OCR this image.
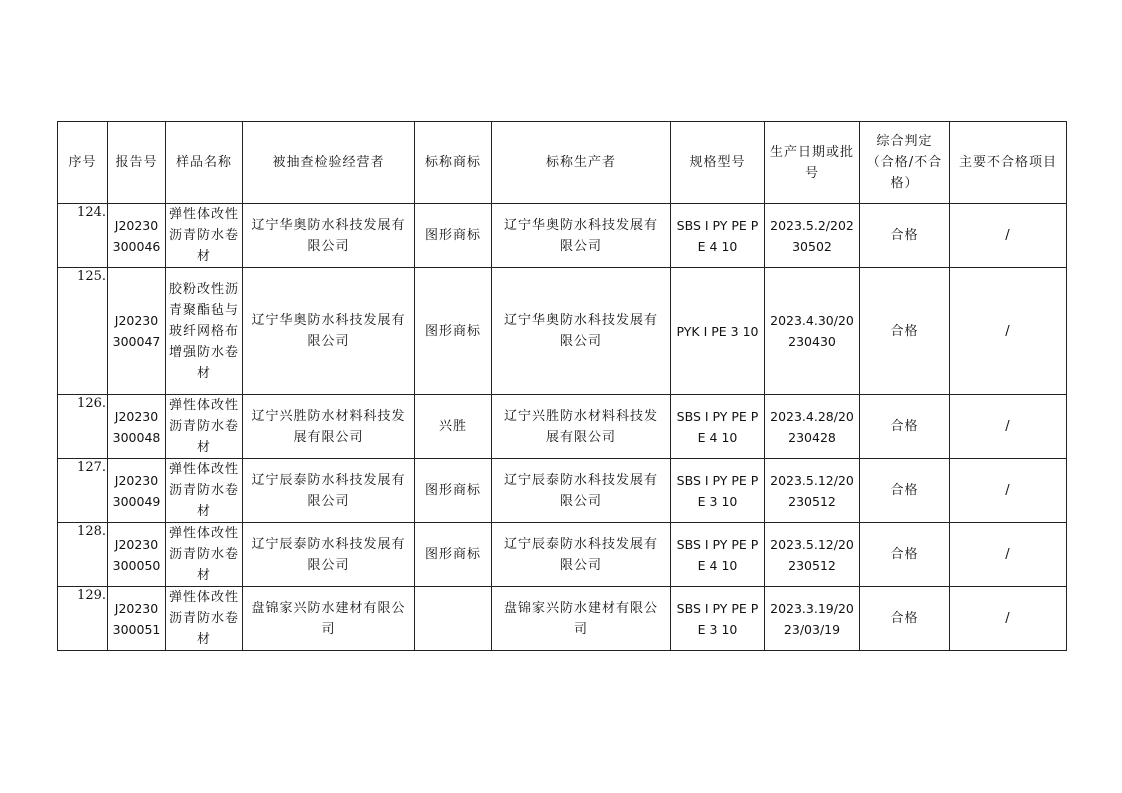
序号	报告号	样品名称	被抽查检验经营者	标称商标	标称生产者	规格型号	生产日期或批号	综合判定（合格/不合格）	主要不合格项目
124.	J20230300046	弹性体改性沥青防水卷材	辽宁华奥防水科技发展有限公司	图形商标	辽宁华奥防水科技发展有限公司	SBS Ⅰ PY PE PE 4 10	2023.5.2/20230502	合格	/
125.	J20230300047	胶粉改性沥青聚酯毡与玻纤网格布增强防水卷材	辽宁华奥防水科技发展有限公司	图形商标	辽宁华奥防水科技发展有限公司	PYK Ⅰ PE 3 10	2023.4.30/20230430	合格	/
126.	J20230300048	弹性体改性沥青防水卷材	辽宁兴胜防水材料科技发展有限公司	兴胜	辽宁兴胜防水材料科技发展有限公司	SBS Ⅰ PY PE PE 4 10	2023.4.28/20230428	合格	/
127.	J20230300049	弹性体改性沥青防水卷材	辽宁辰泰防水科技发展有限公司	图形商标	辽宁辰泰防水科技发展有限公司	SBS Ⅰ PY PE PE 3 10	2023.5.12/20230512	合格	/
128.	J20230300050	弹性体改性沥青防水卷材	辽宁辰泰防水科技发展有限公司	图形商标	辽宁辰泰防水科技发展有限公司	SBS Ⅰ PY PE PE 4 10	2023.5.12/20230512	合格	/
129.	J20230300051	弹性体改性沥青防水卷材	盘锦家兴防水建材有限公司		盘锦家兴防水建材有限公司	SBS Ⅰ PY PE PE 3 10	2023.3.19/2023/03/19	合格	/
